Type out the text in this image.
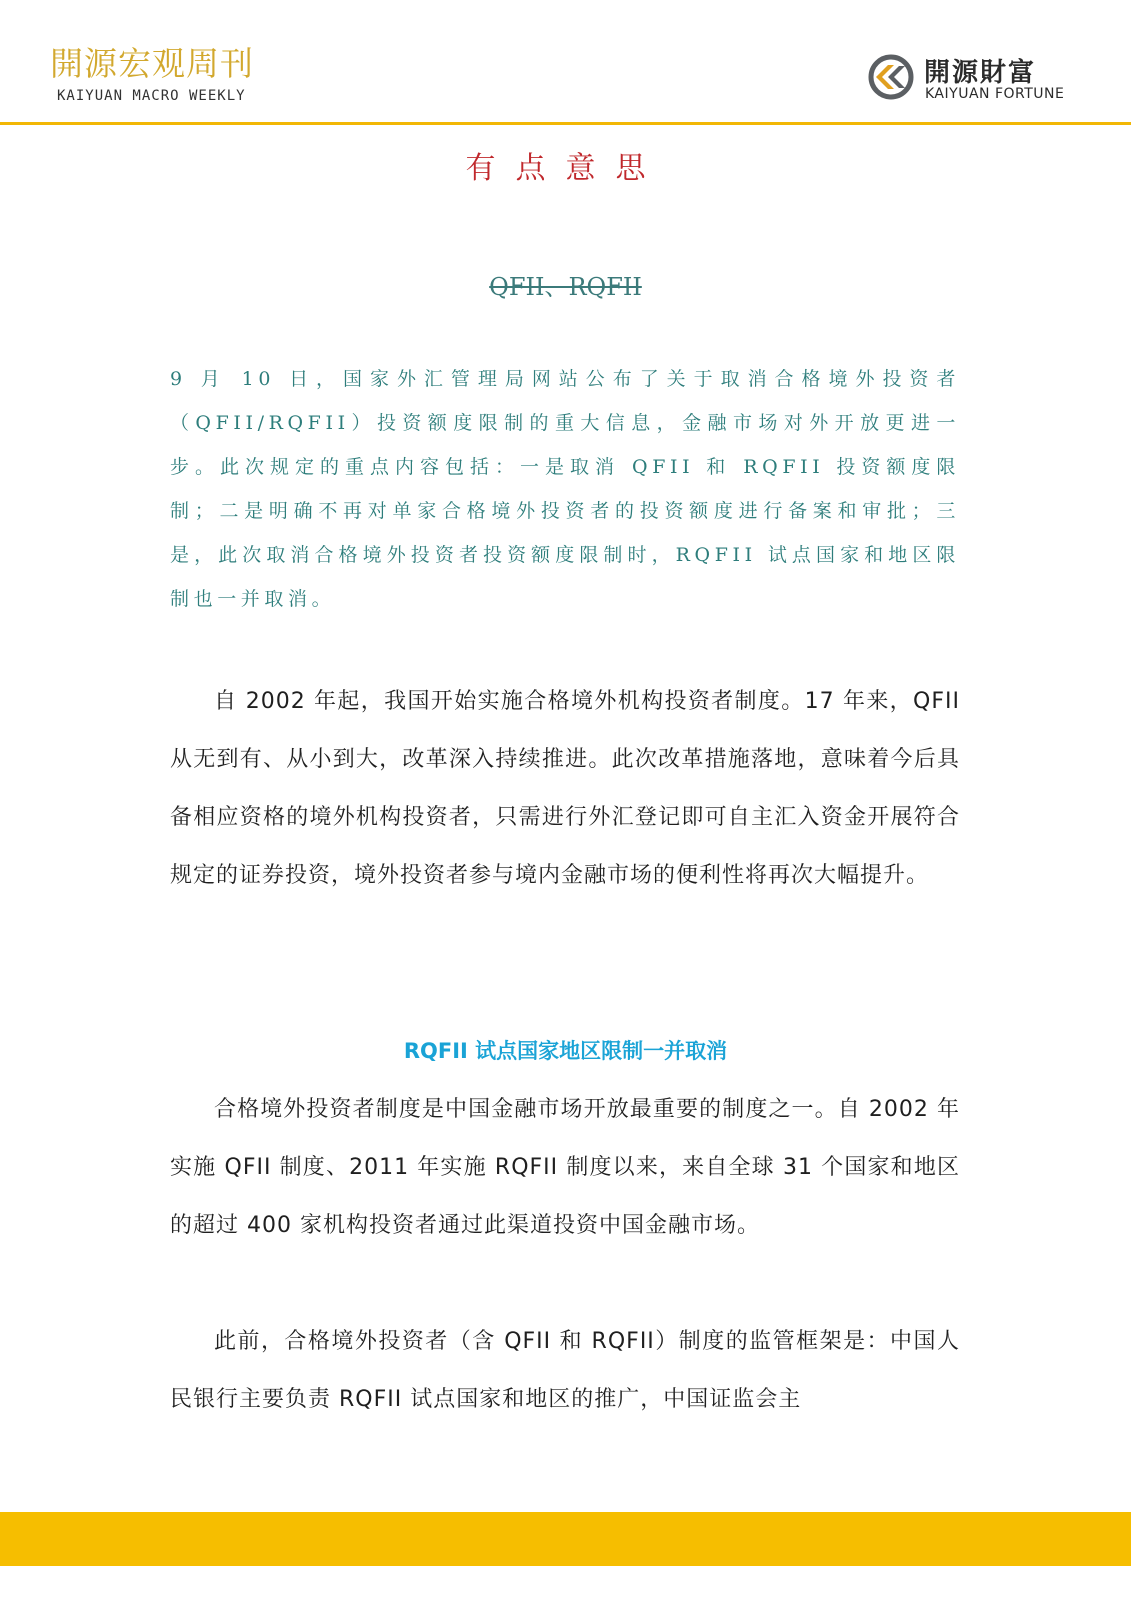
開源宏观周刊
KAIYUAN MACRO WEEKLY
開源財富
KAIYUAN FORTUNE
有点意思
QFII、RQFII

9 月 10 日，国家外汇管理局网站公布了关于取消合格境外投资者（QFII/RQFII）投资额度限制的重大信息，金融市场对外开放更进一步。此次规定的重点内容包括：一是取消 QFII 和 RQFII 投资额度限制；二是明确不再对单家合格境外投资者的投资额度进行备案和审批；三是，此次取消合格境外投资者投资额度限制时，RQFII 试点国家和地区限制也一并取消。

自 2002 年起，我国开始实施合格境外机构投资者制度。17 年来，QFII 从无到有、从小到大，改革深入持续推进。此次改革措施落地，意味着今后具备相应资格的境外机构投资者，只需进行外汇登记即可自主汇入资金开展符合规定的证券投资，境外投资者参与境内金融市场的便利性将再次大幅提升。

RQFII 试点国家地区限制一并取消

合格境外投资者制度是中国金融市场开放最重要的制度之一。自 2002 年实施 QFII 制度、2011 年实施 RQFII 制度以来，来自全球 31 个国家和地区的超过 400 家机构投资者通过此渠道投资中国金融市场。

此前，合格境外投资者（含 QFII 和 RQFII）制度的监管框架是：中国人民银行主要负责 RQFII 试点国家和地区的推广，中国证监会主
